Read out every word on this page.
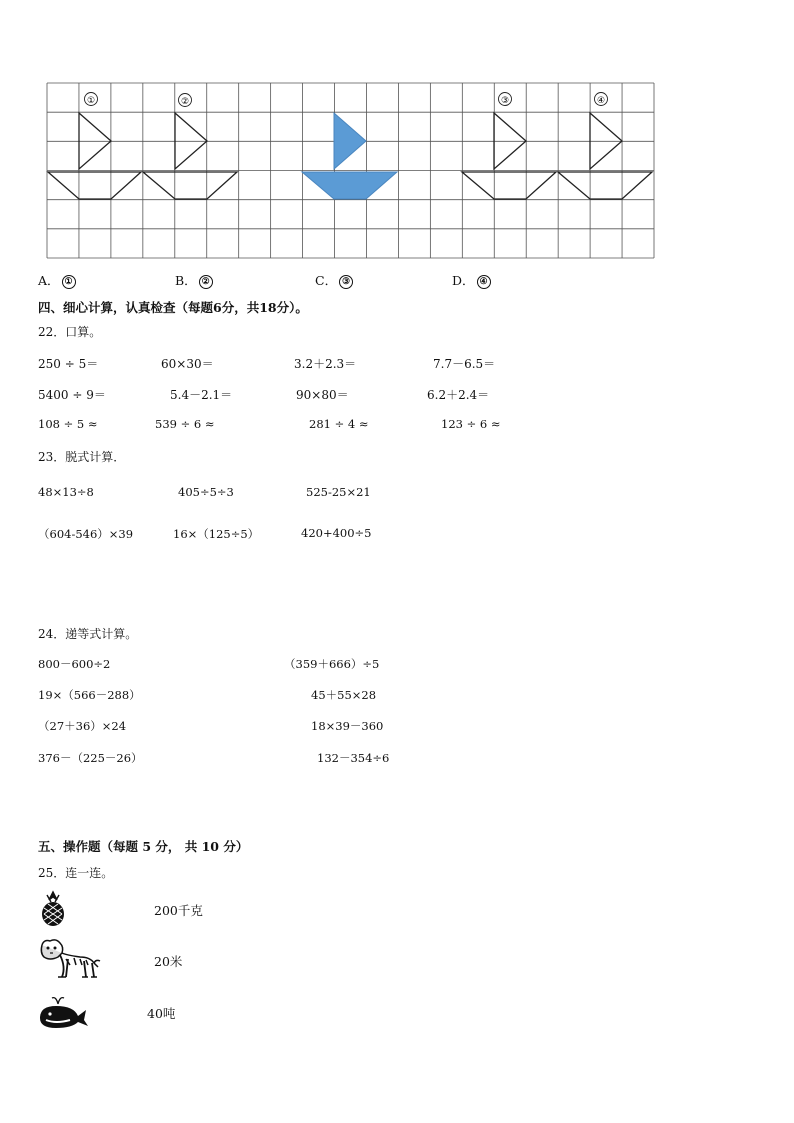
①	②	③	④
A． ①	B． ②	C． ③	D． ④
四、细心计算，认真检查（每题6分，共18分）。
22．口算。
250 ÷ 5＝	60×30＝	3.2＋2.3＝	7.7－6.5＝
5400 ÷ 9＝	5.4－2.1＝	90×80＝	6.2＋2.4＝
108 ÷ 5 ≈	539 ÷ 6 ≈	281 ÷ 4 ≈	123 ÷ 6 ≈
23．脱式计算．
48×13÷8	405÷5÷3	525-25×21
（604-546）×39	16×（125÷5）	420+400÷5
24．递等式计算。
800－600÷2	（359＋666）÷5
19×（566－288）	45＋55×28
（27＋36）×24	18×39－360
376－（225－26）	132－354÷6
五、操作题（每题 5 分， 共 10 分）
25．连一连。
200千克
20米
40吨
